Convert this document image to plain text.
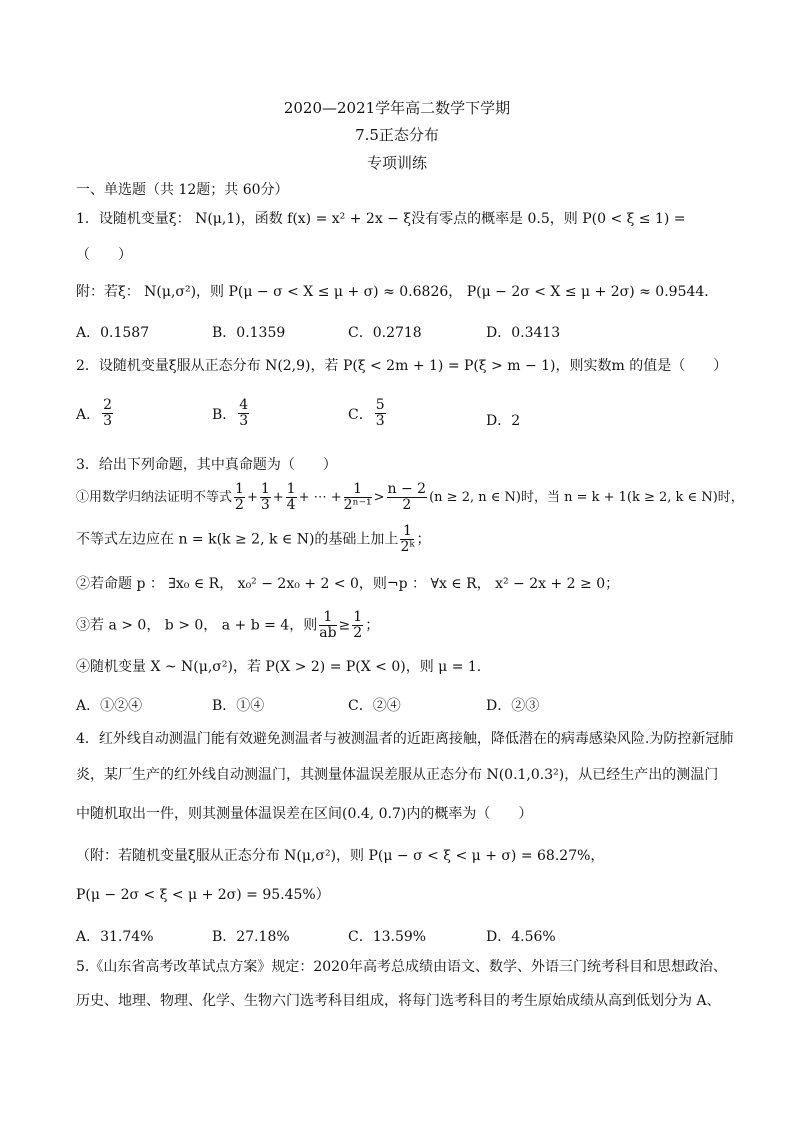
2020—2021学年高二数学下学期
7.5正态分布
专项训练
一、单选题（共 12题；共 60分）
1．设随机变量ξ： N(μ,1)，函数 f(x) = x² + 2x − ξ没有零点的概率是 0.5，则 P(0 < ξ ≤ 1) =
（　　）
附：若ξ： N(μ,σ²)，则 P(μ − σ < X ≤ μ + σ) ≈ 0.6826， P(μ − 2σ < X ≤ μ + 2σ) ≈ 0.9544．
A．0.1587	B．0.1359	C．0.2718	D．0.3413
2．设随机变量ξ服从正态分布 N(2,9)，若 P(ξ < 2m + 1) = P(ξ > m − 1)，则实数m 的值是（　　）
A． $\frac{2}{3}$	B． $\frac{4}{3}$	C． $\frac{5}{3}$	D．2
3．给出下列命题，其中真命题为（　　）
①用数学归纳法证明不等式 $\frac{1}{2} + \frac{1}{3} + \frac{1}{4}$ + ⋯ + $\frac{1}{\text{2ⁿ⁻¹}} > \frac{n - 2}{2} (n \ge 2$, n ∈ N)时，当 n = k + 1(k ≥ 2, k ∈ N)时，
不等式左边应在 n = k(k ≥ 2, k ∈ N)的基础上加上 $\frac{1}{\text{2ᵏ}}$ ；
②若命题 p ： ∃x₀ ∈ R， x₀² − 2x₀ + 2 < 0，则¬p ： ∀x ∈ R， x² − 2x + 2 ≥ 0；
③若 a > 0， b > 0， a + b = 4，则 $\frac{1}{ab} \ge \frac{1}{2}$ ；
④随机变量 X ~ N(μ,σ²)，若 P(X > 2) = P(X < 0)，则 μ = 1.
A．①②④	B．①④	C．②④	D．②③
4．红外线自动测温门能有效避免测温者与被测温者的近距离接触，降低潜在的病毒感染风险.为防控新冠肺
炎，某厂生产的红外线自动测温门，其测量体温误差服从正态分布 N(0.1,0.3²)，从已经生产出的测温门
中随机取出一件，则其测量体温误差在区间(0.4, 0.7)内的概率为（　　）
（附：若随机变量ξ服从正态分布 N(μ,σ²)，则 P(μ − σ < ξ < μ + σ) = 68.27%，
P(μ − 2σ < ξ < μ + 2σ) = 95.45%）
A．31.74%	B．27.18%	C．13.59%	D．4.56%
5.《山东省高考改革试点方案》规定：2020年高考总成绩由语文、数学、外语三门统考科目和思想政治、
历史、地理、物理、化学、生物六门选考科目组成，将每门选考科目的考生原始成绩从高到低划分为 A、
